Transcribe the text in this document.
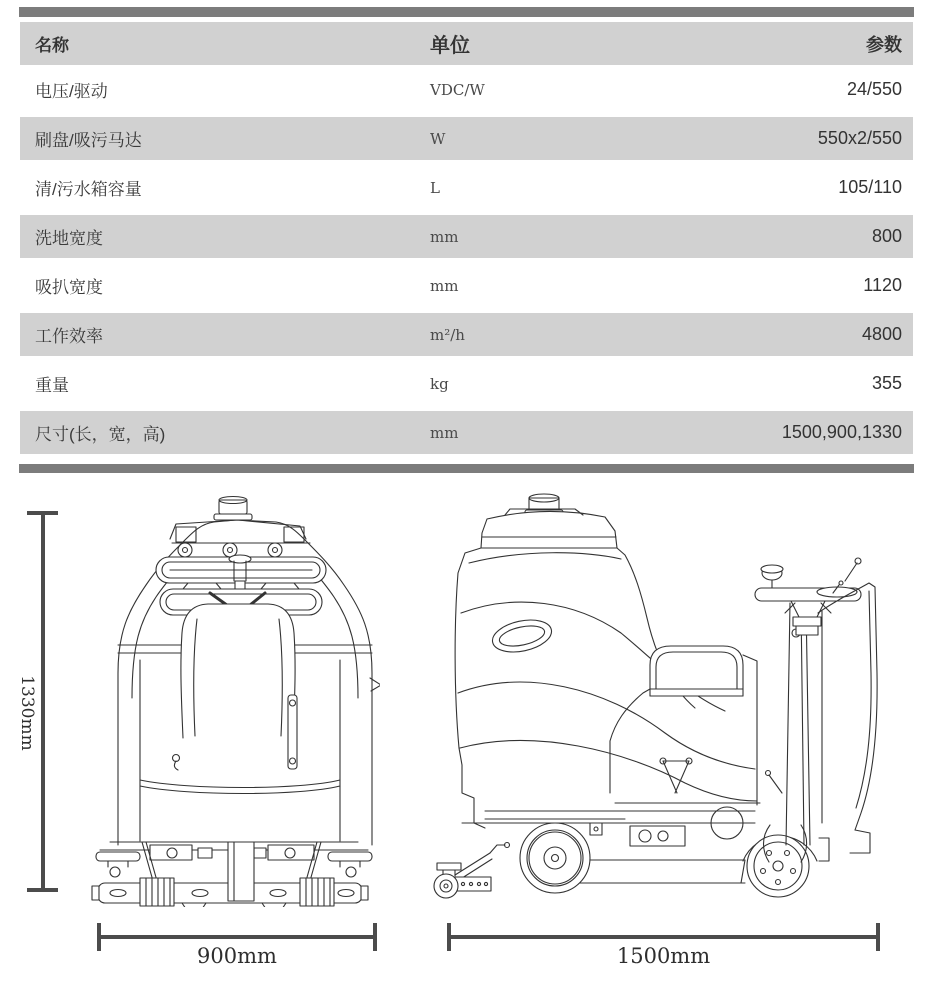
名称	单位	参数
电压/驱动	VDC/W	24/550
刷盘/吸污马达	W	550x2/550
清/污水箱容量	L	105/110
洗地宽度	mm	800
吸扒宽度	mm	1120
工作效率	m²/h	4800
重量	kg	355
尺寸(长，宽，高)	mm	1500,900,1330
1330mm
900mm	1500mm
